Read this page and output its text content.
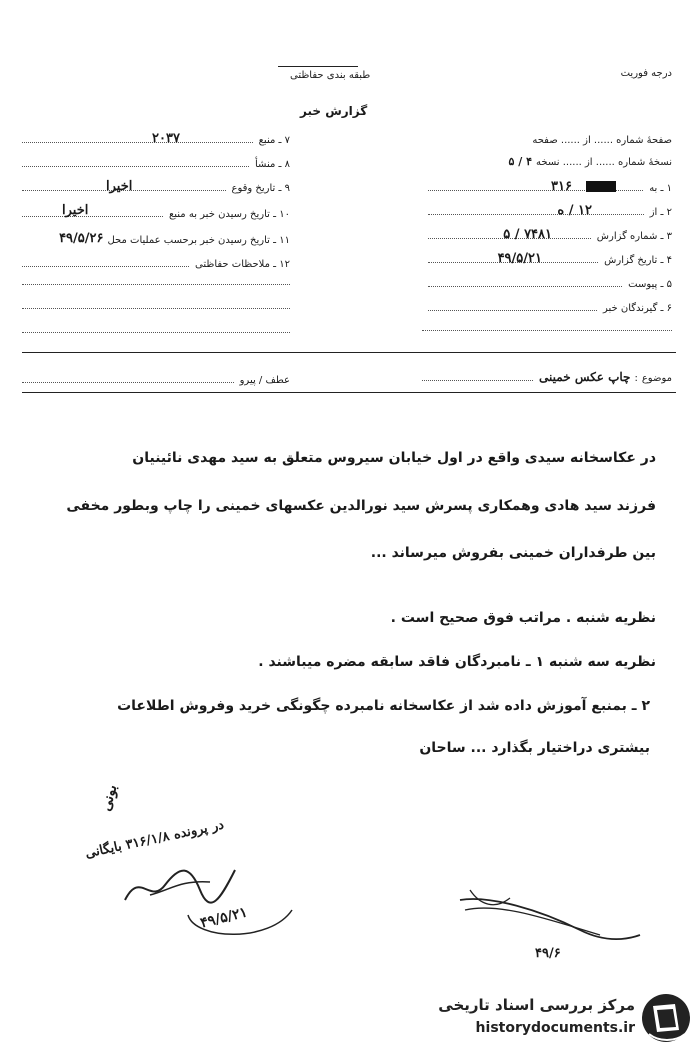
درجه فوریت
طبقه بندی حفاظتی
گزارش خبر
صفحهٔ شماره ...... از ...... صفحه
نسخهٔ شماره ...... از ...... نسخه
۴ / ۵
۱ ـ به
۳۱۶
۲ ـ از
۱۲ / ه
۳ ـ شماره گزارش
۷۴۸۱ / ۵
۴ ـ تاریخ گزارش
۴۹/۵/۲۱
۵ ـ پیوست
۶ ـ گیرندگان خبر
۷ ـ منبع
۲۰۳۷
۸ ـ منشأ
۹ ـ تاریخ وقوع
اخیرا
۱۰ ـ تاریخ رسیدن خبر به منبع
اخیرا
۱۱ ـ تاریخ رسیدن خبر برحسب عملیات محل
۴۹/۵/۲۶
۱۲ ـ ملاحظات حفاظتی
موضوع
:
چاپ عکس خمینی
عطف / پیرو
در عکاسخانه سیدی واقع در اول خیابان سیروس متعلق به سید مهدی نائینیان
فرزند سید هادی وهمکاری پسرش سید نورالدین عکسهای خمینی را چاپ وبطور مخفی
بین طرفداران خمینی بفروش میرساند ...
نظریه شنبه . مراتب فوق صحیح است .
نظریه سه شنبه ۱ ـ نامبردگان فاقد سابقه مضره میباشند .
۲ ـ بمنبع آموزش داده شد از عکاسخانه نامبرده چگونگی خرید وفروش اطلاعات
بیشتری دراختیار بگذارد ... ساحان
بونی
در پرونده ۳۱۶/۱/۸ بایگانی
۴۹/۵/۲۱
۴۹/۶
مرکز بررسی اسناد تاریخی
historydocuments.ir
